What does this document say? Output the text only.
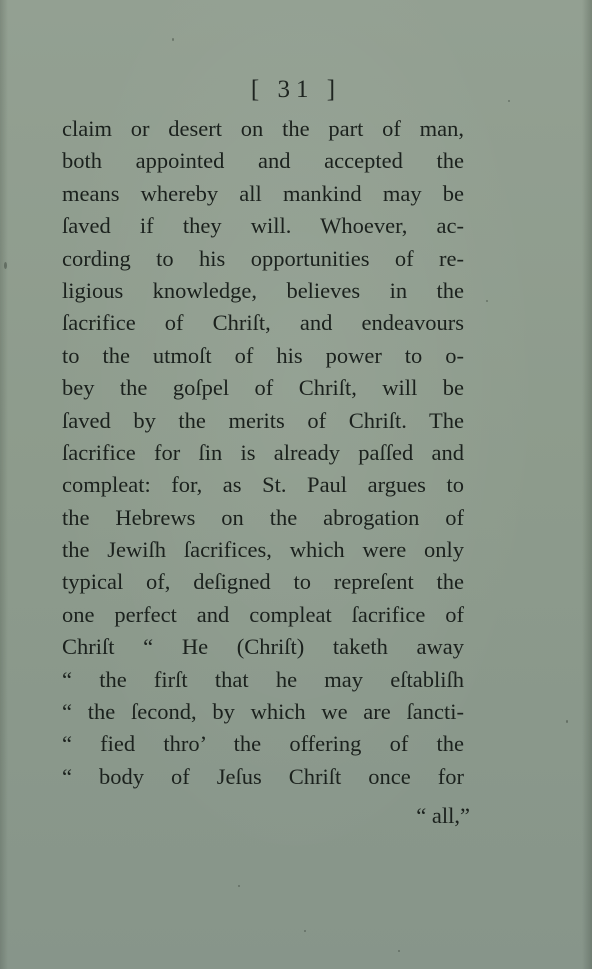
[ 31 ]
claim or desert on the part of man,
both appointed and accepted the
means whereby all mankind may be
ſaved if they will. Whoever, ac-
cording to his opportunities of re-
ligious knowledge, believes in the
ſacrifice of Chriſt, and endeavours
to the utmoſt of his power to o-
bey the goſpel of Chriſt, will be
ſaved by the merits of Chriſt. The
ſacrifice for ſin is already paſſed and
compleat: for, as St. Paul argues to
the Hebrews on the abrogation of
the Jewiſh ſacrifices, which were only
typical of, deſigned to repreſent the
one perfect and compleat ſacrifice of
Chriſt “ He (Chriſt) taketh away
“ the firſt that he may eſtabliſh
“ the ſecond, by which we are ſancti-
“ fied thro’ the offering of the
“ body of Jeſus Chriſt once for
“ all,”
